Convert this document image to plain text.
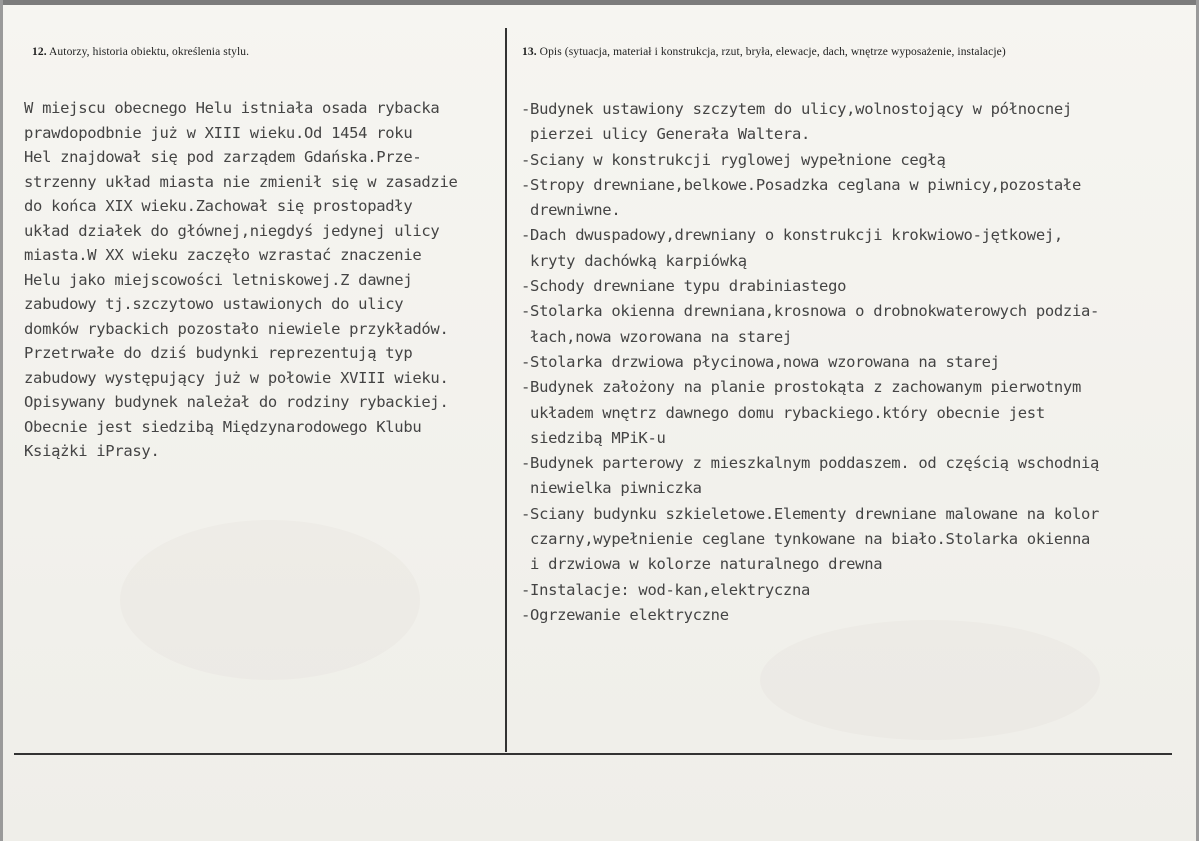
12. Autorzy, historia obiektu, określenia stylu.	13. Opis (sytuacja, materiał i konstrukcja, rzut, bryła, elewacje, dach, wnętrze wyposażenie, instalacje)
W miejscu obecnego Helu istniała osada rybacka
prawdopodbnie już w XIII wieku.Od 1454 roku
Hel znajdował się pod zarządem Gdańska.Prze-
strzenny układ miasta nie zmienił się w zasadzie
do końca XIX wieku.Zachował się prostopadły
układ działek do głównej,niegdyś jedynej ulicy
miasta.W XX wieku zaczęło wzrastać znaczenie
Helu jako miejscowości letniskowej.Z dawnej
zabudowy tj.szczytowo ustawionych do ulicy
domków rybackich pozostało niewiele przykładów.
Przetrwałe do dziś budynki reprezentują typ
zabudowy występujący już w połowie XVIII wieku.
Opisywany budynek należał do rodziny rybackiej.
Obecnie jest siedzibą Międzynarodowego Klubu
Książki iPrasy.
-Budynek ustawiony szczytem do ulicy,wolnostojący w północnej
pierzei ulicy Generała Waltera.
-Sciany w konstrukcji ryglowej wypełnione cegłą
-Stropy drewniane,belkowe.Posadzka ceglana w piwnicy,pozostałe
drewniwne.
-Dach dwuspadowy,drewniany o konstrukcji krokwiowo-jętkowej,
kryty dachówką karpiówką
-Schody drewniane typu drabiniastego
-Stolarka okienna drewniana,krosnowa o drobnokwaterowych podzia-
łach,nowa wzorowana na starej
-Stolarka drzwiowa płycinowa,nowa wzorowana na starej
-Budynek założony na planie prostokąta z zachowanym pierwotnym
układem wnętrz dawnego domu rybackiego.który obecnie jest
siedzibą MPiK-u
-Budynek parterowy z mieszkalnym poddaszem. od częścią wschodnią
niewielka piwniczka
-Sciany budynku szkieletowe.Elementy drewniane malowane na kolor
czarny,wypełnienie ceglane tynkowane na biało.Stolarka okienna
i drzwiowa w kolorze naturalnego drewna
-Instalacje: wod-kan,elektryczna
-Ogrzewanie elektryczne
